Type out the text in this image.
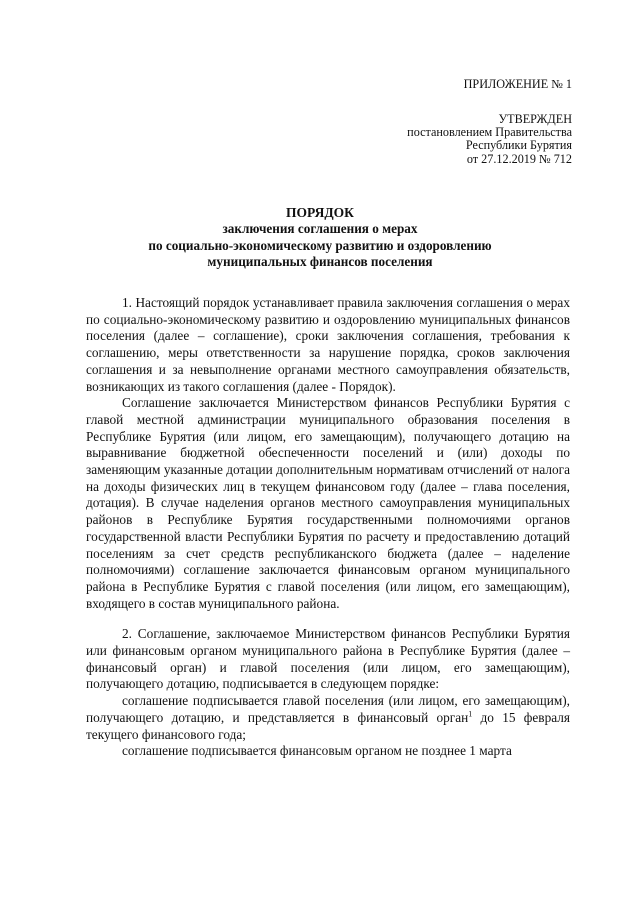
ПРИЛОЖЕНИЕ № 1
УТВЕРЖДЕН
постановлением Правительства
Республики Бурятия
от 27.12.2019 № 712
ПОРЯДОК
заключения соглашения о мерах
по социально-экономическому развитию и оздоровлению
муниципальных финансов поселения

1. Настоящий порядок устанавливает правила заключения соглашения о мерах по социально-экономическому развитию и оздоровлению муниципальных финансов поселения (далее – соглашение), сроки заключения соглашения, требования к соглашению, меры ответственности за нарушение порядка, сроков заключения соглашения и за невыполнение органами местного самоуправления обязательств, возникающих из такого соглашения (далее - Порядок).

Соглашение заключается Министерством финансов Республики Бурятия с главой местной администрации муниципального образования поселения в Республике Бурятия (или лицом, его замещающим), получающего дотацию на выравнивание бюджетной обеспеченности поселений и (или) доходы по заменяющим указанные дотации дополнительным нормативам отчислений от налога на доходы физических лиц в текущем финансовом году (далее – глава поселения, дотация). В случае наделения органов местного самоуправления муниципальных районов в Республике Бурятия государственными полномочиями органов государственной власти Республики Бурятия по расчету и предоставлению дотаций поселениям за счет средств республиканского бюджета (далее – наделение полномочиями) соглашение заключается финансовым органом муниципального района в Республике Бурятия с главой поселения (или лицом, его замещающим), входящего в состав муниципального района.

2. Соглашение, заключаемое Министерством финансов Республики Бурятия или финансовым органом муниципального района в Республике Бурятия (далее – финансовый орган) и главой поселения (или лицом, его замещающим), получающего дотацию, подписывается в следующем порядке:

соглашение подписывается главой поселения (или лицом, его замещающим), получающего дотацию, и представляется в финансовый орган$^1$ до 15 февраля текущего финансового года;

соглашение подписывается финансовым органом не позднее 1 марта
